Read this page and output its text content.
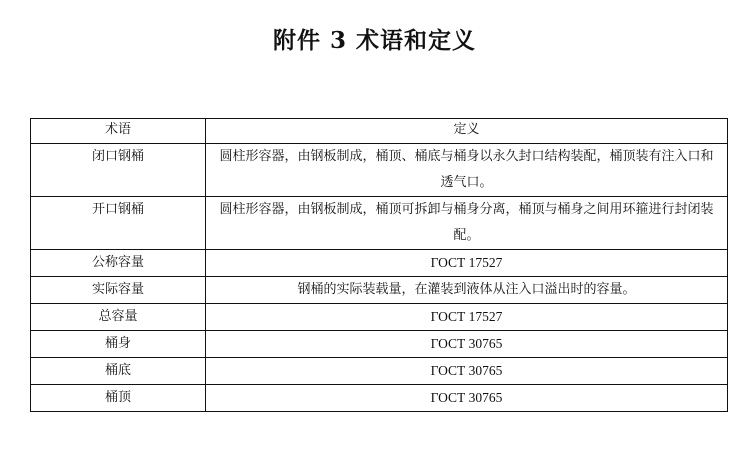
附件 3 术语和定义
术语	定义
闭口钢桶	圆柱形容器，由钢板制成，桶顶、桶底与桶身以永久封口结构装配，桶顶装有注入口和透气口。
开口钢桶	圆柱形容器，由钢板制成，桶顶可拆卸与桶身分离，桶顶与桶身之间用环箍进行封闭装配。
公称容量	ГОСТ 17527
实际容量	钢桶的实际装载量，在灌装到液体从注入口溢出时的容量。
总容量	ГОСТ 17527
桶身	ГОСТ 30765
桶底	ГОСТ 30765
桶顶	ГОСТ 30765
